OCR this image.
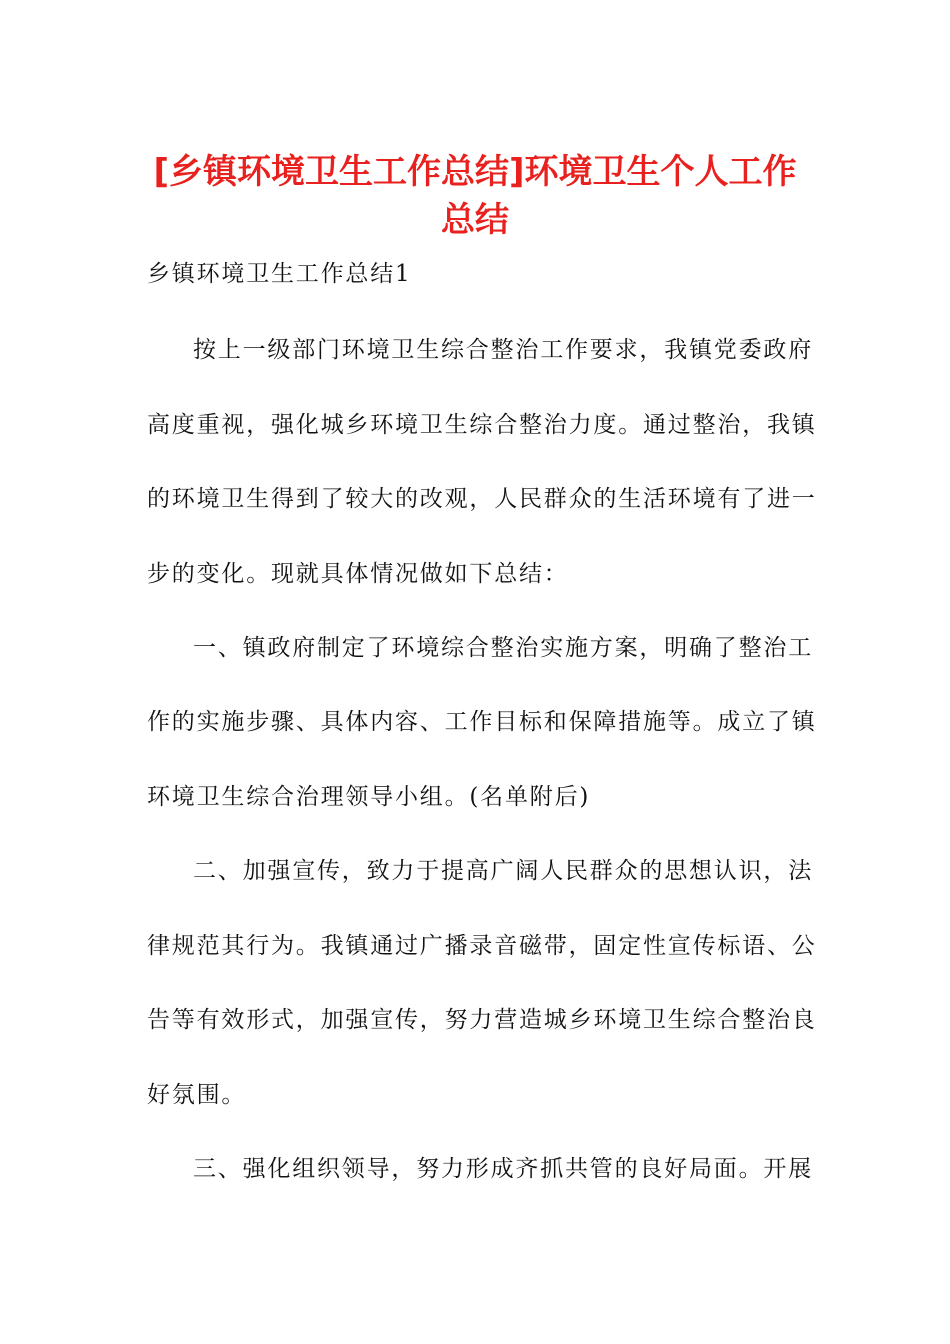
[乡镇环境卫生工作总结]环境卫生个人工作
总结
乡镇环境卫生工作总结1
按上一级部门环境卫生综合整治工作要求，我镇党委政府
高度重视，强化城乡环境卫生综合整治力度。通过整治，我镇
的环境卫生得到了较大的改观，人民群众的生活环境有了进一
步的变化。现就具体情况做如下总结：
一、镇政府制定了环境综合整治实施方案，明确了整治工
作的实施步骤、具体内容、工作目标和保障措施等。成立了镇
环境卫生综合治理领导小组。(名单附后)
二、加强宣传，致力于提高广阔人民群众的思想认识，法
律规范其行为。我镇通过广播录音磁带，固定性宣传标语、公
告等有效形式，加强宣传，努力营造城乡环境卫生综合整治良
好氛围。
三、强化组织领导，努力形成齐抓共管的良好局面。开展
